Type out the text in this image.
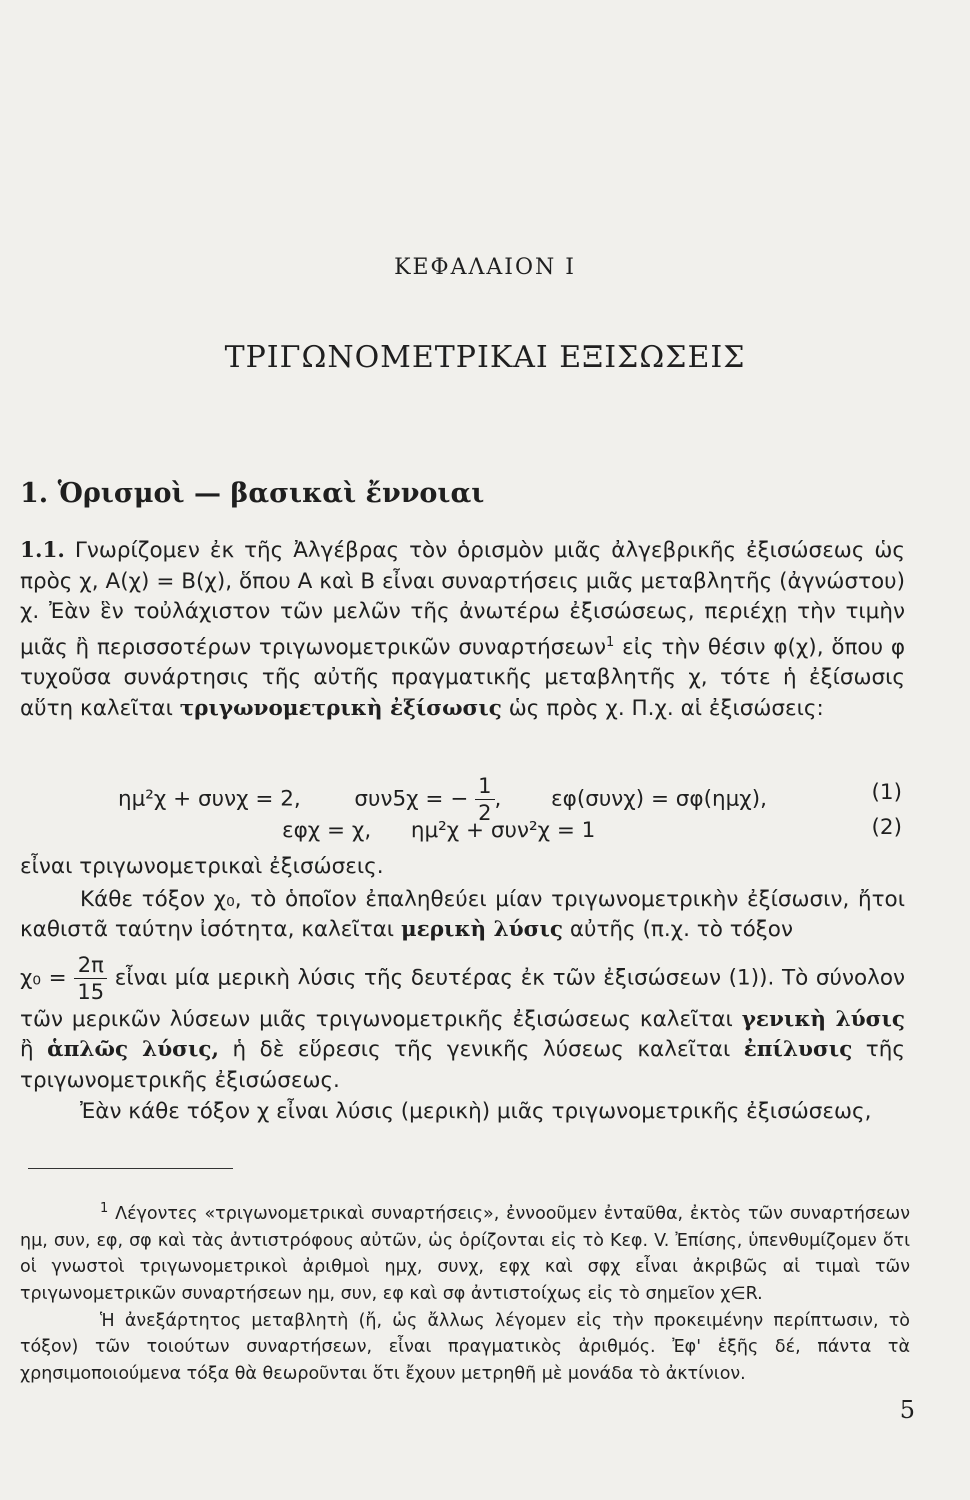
ΚΕΦΑΛΑΙΟΝ Ι
ΤΡΙΓΩΝΟΜΕΤΡΙΚΑΙ ΕΞΙΣΩΣΕΙΣ
1. Ὁρισμοὶ — βασικαὶ ἔννοιαι

1.1. Γνωρίζομεν ἐκ τῆς Ἀλγέβρας τὸν ὁρισμὸν μιᾶς ἀλγεβρικῆς ἐξισώσεως ὡς πρὸς χ, Α(χ) = Β(χ), ὅπου Α καὶ Β εἶναι συναρτήσεις μιᾶς μεταβλητῆς (ἀγνώστου) χ. Ἐὰν ἓν τοὐλάχιστον τῶν μελῶν τῆς ἀνωτέρω ἐξισώσεως, περιέχῃ τὴν τιμὴν μιᾶς ἢ περισσοτέρων τριγωνομετρικῶν συναρτήσεων$^1$ εἰς τὴν θέσιν φ(χ), ὅπου φ τυχοῦσα συνάρτησις τῆς αὐτῆς πραγματικῆς μεταβλητῆς χ, τότε ἡ ἐξίσωσις αὕτη καλεῖται τριγωνομετρικὴ ἐξίσωσις ὡς πρὸς χ. Π.χ. αἱ ἐξισώσεις:

ημ²χ + συνχ = 2, συν5χ = − $\frac{1}{2}$ , εφ(συνχ) = σφ(ημχ),	(1)
εφχ = χ, ημ²χ + συν²χ = 1	(2)

εἶναι τριγωνομετρικαὶ ἐξισώσεις.

Κάθε τόξον χ₀, τὸ ὁποῖον ἐπαληθεύει μίαν τριγωνομετρικὴν ἐξίσωσιν, ἤτοι καθιστᾶ ταύτην ἰσότητα, καλεῖται μερικὴ λύσις αὐτῆς (π.χ. τὸ τόξον

$\chi_0 = \frac{2\pi}{15}$ εἶναι μία μερικὴ λύσις τῆς δευτέρας ἐκ τῶν ἐξισώσεων (1)). Τὸ σύνολον τῶν μερικῶν λύσεων μιᾶς τριγωνομετρικῆς ἐξισώσεως καλεῖται γενικὴ λύσις ἢ ἁπλῶς λύσις, ἡ δὲ εὕρεσις τῆς γενικῆς λύσεως καλεῖται ἐπίλυσις τῆς τριγωνομετρικῆς ἐξισώσεως.

Ἐὰν κάθε τόξον χ εἶναι λύσις (μερικὴ) μιᾶς τριγωνομετρικῆς ἐξισώσεως,

$^1$ Λέγοντες «τριγωνομετρικαὶ συναρτήσεις», ἐννοοῦμεν ἐνταῦθα, ἐκτὸς τῶν συναρτήσεων ημ, συν, εφ, σφ καὶ τὰς ἀντιστρόφους αὐτῶν, ὡς ὁρίζονται εἰς τὸ Κεφ. V. Ἐπίσης, ὑπενθυμίζομεν ὅτι οἱ γνωστοὶ τριγωνομετρικοὶ ἀριθμοὶ ημχ, συνχ, εφχ καὶ σφχ εἶναι ἀκριβῶς αἱ τιμαὶ τῶν τριγωνομετρικῶν συναρτήσεων ημ, συν, εφ καὶ σφ ἀντιστοίχως εἰς τὸ σημεῖον χ∈R.

Ἡ ἀνεξάρτητος μεταβλητὴ (ἤ, ὡς ἄλλως λέγομεν εἰς τὴν προκειμένην περίπτωσιν, τὸ τόξον) τῶν τοιούτων συναρτήσεων, εἶναι πραγματικὸς ἀριθμός. Ἐφ' ἑξῆς δέ, πάντα τὰ χρησιμοποιούμενα τόξα θὰ θεωροῦνται ὅτι ἔχουν μετρηθῆ μὲ μονάδα τὸ ἀκτίνιον.

5
